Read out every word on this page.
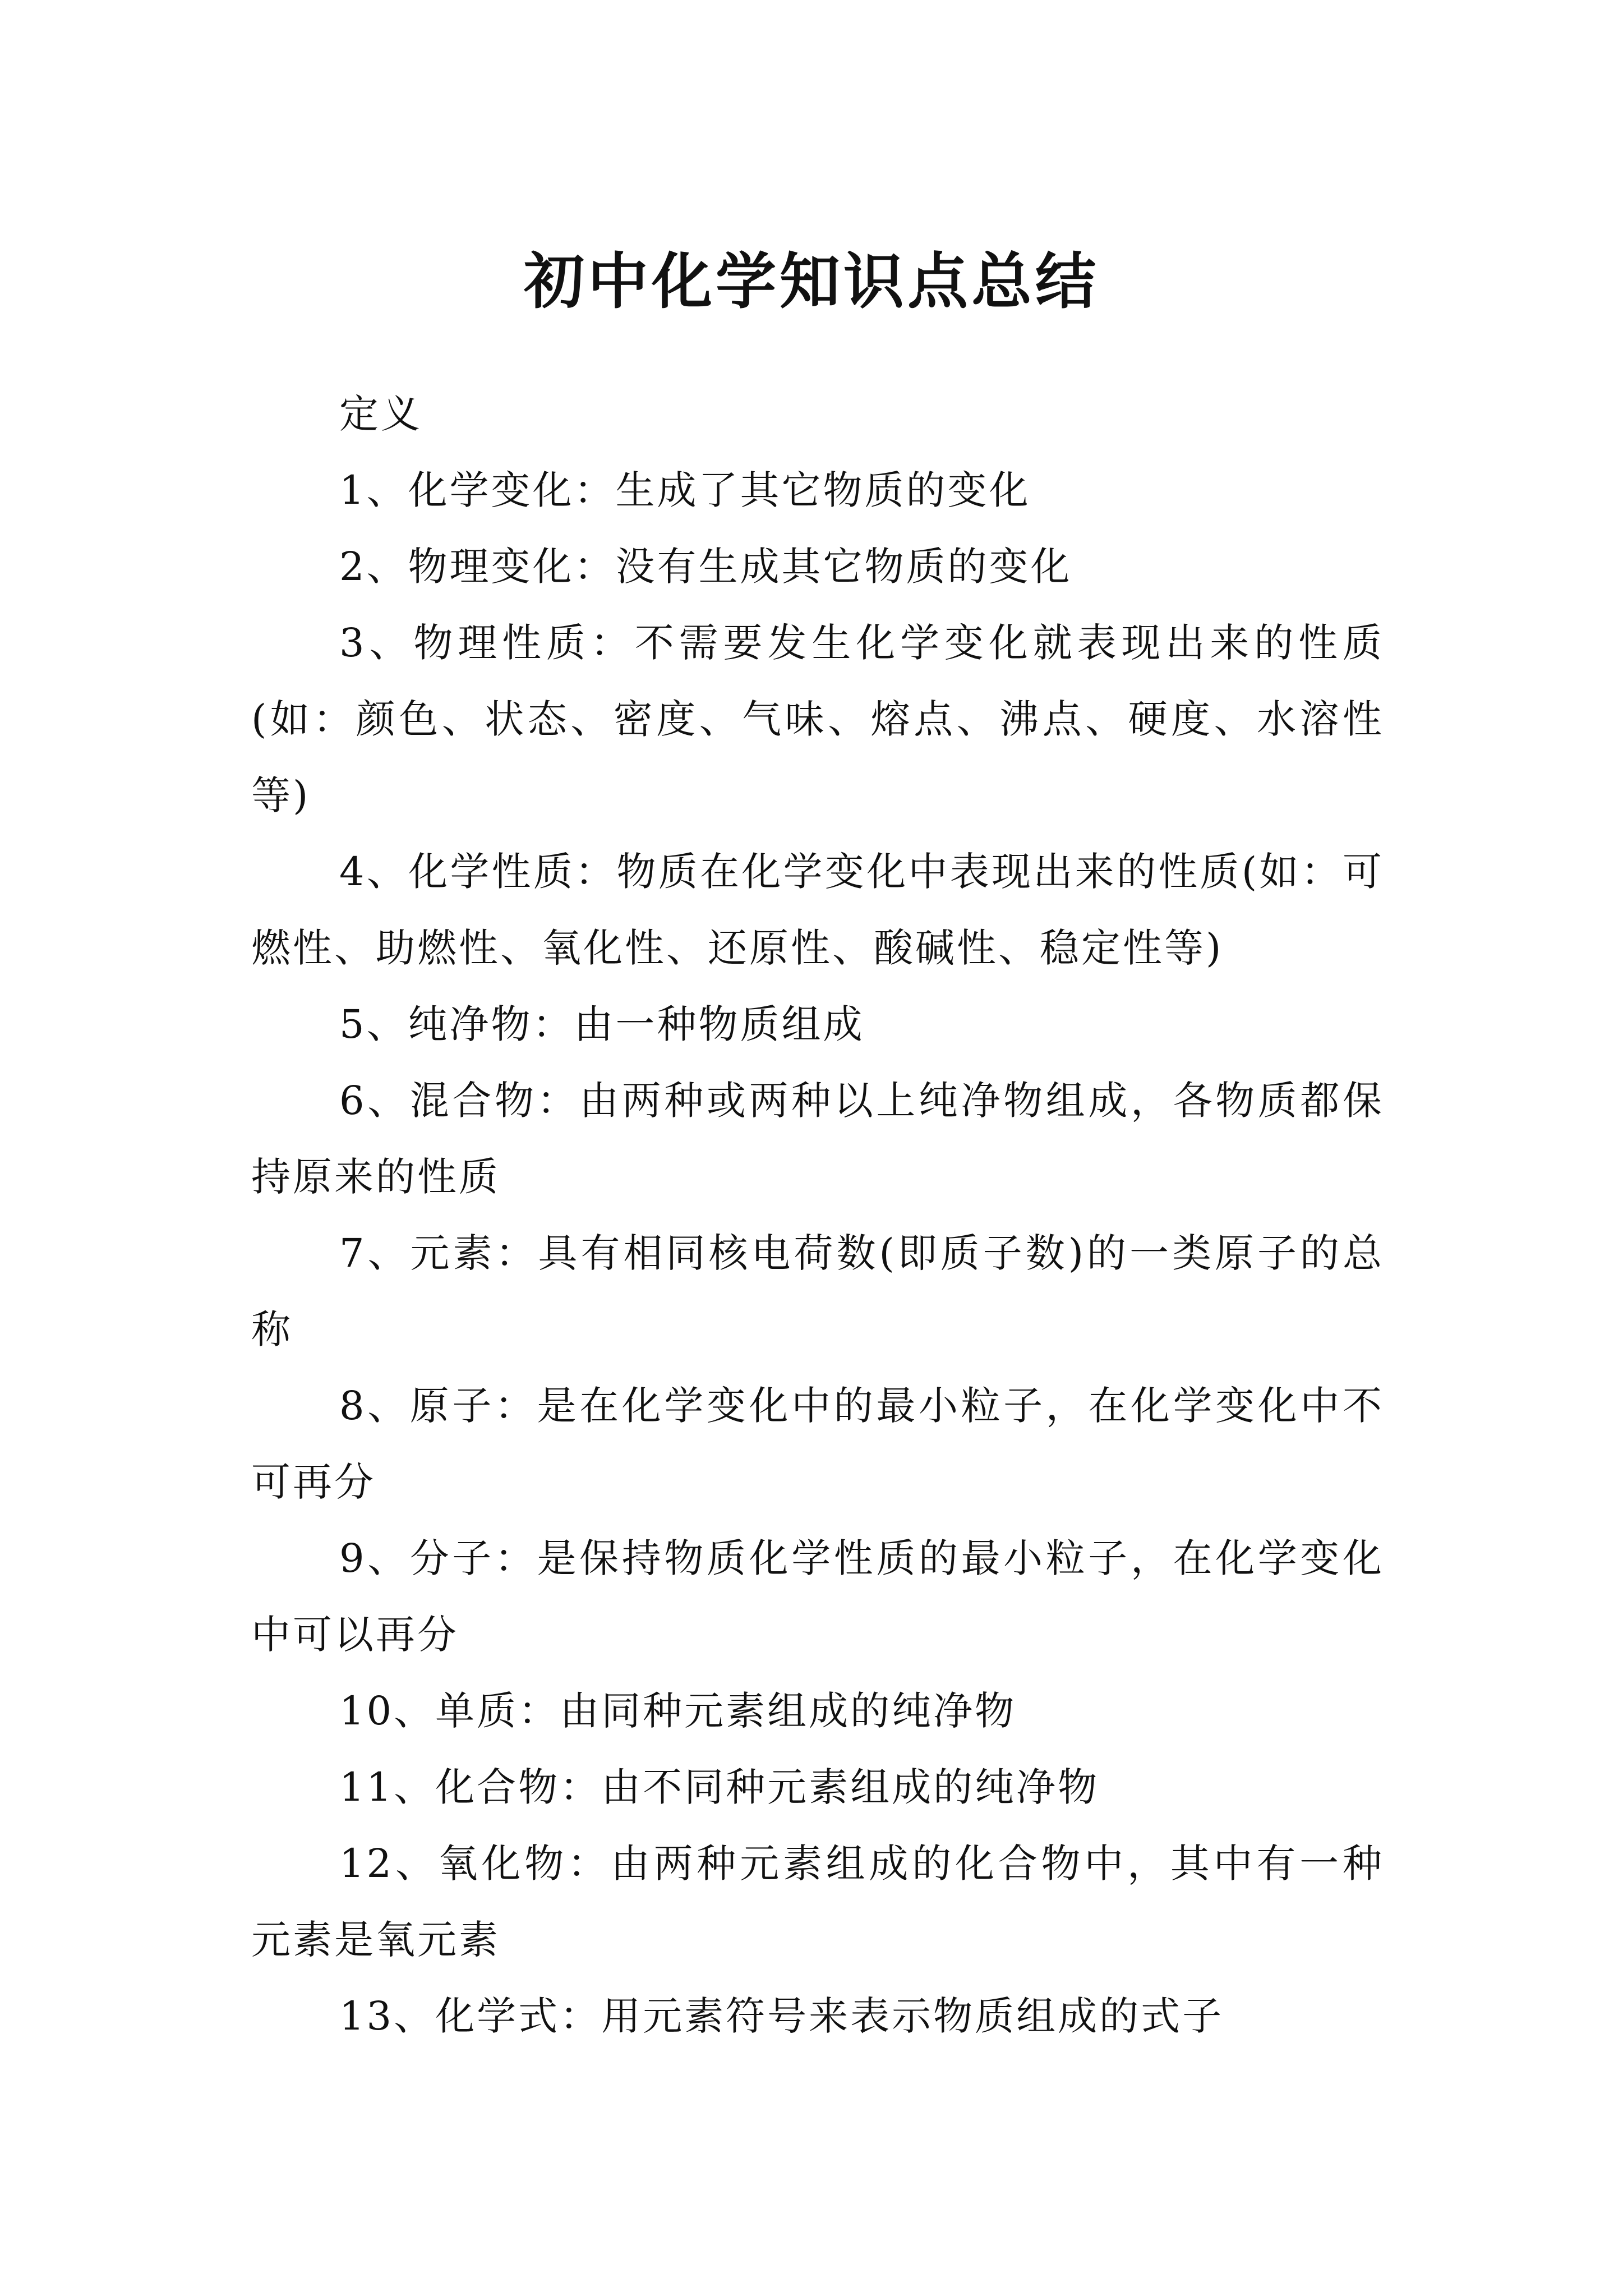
初中化学知识点总结

定义

1、化学变化：生成了其它物质的变化

2、物理变化：没有生成其它物质的变化

3、物理性质：不需要发生化学变化就表现出来的性质(如：颜色、状态、密度、气味、熔点、沸点、硬度、水溶性等)

4、化学性质：物质在化学变化中表现出来的性质(如：可燃性、助燃性、氧化性、还原性、酸碱性、稳定性等)

5、纯净物：由一种物质组成

6、混合物：由两种或两种以上纯净物组成，各物质都保持原来的性质

7、元素：具有相同核电荷数(即质子数)的一类原子的总称

8、原子：是在化学变化中的最小粒子，在化学变化中不可再分

9、分子：是保持物质化学性质的最小粒子，在化学变化中可以再分

10、单质：由同种元素组成的纯净物

11、化合物：由不同种元素组成的纯净物

12、氧化物：由两种元素组成的化合物中，其中有一种元素是氧元素

13、化学式：用元素符号来表示物质组成的式子
